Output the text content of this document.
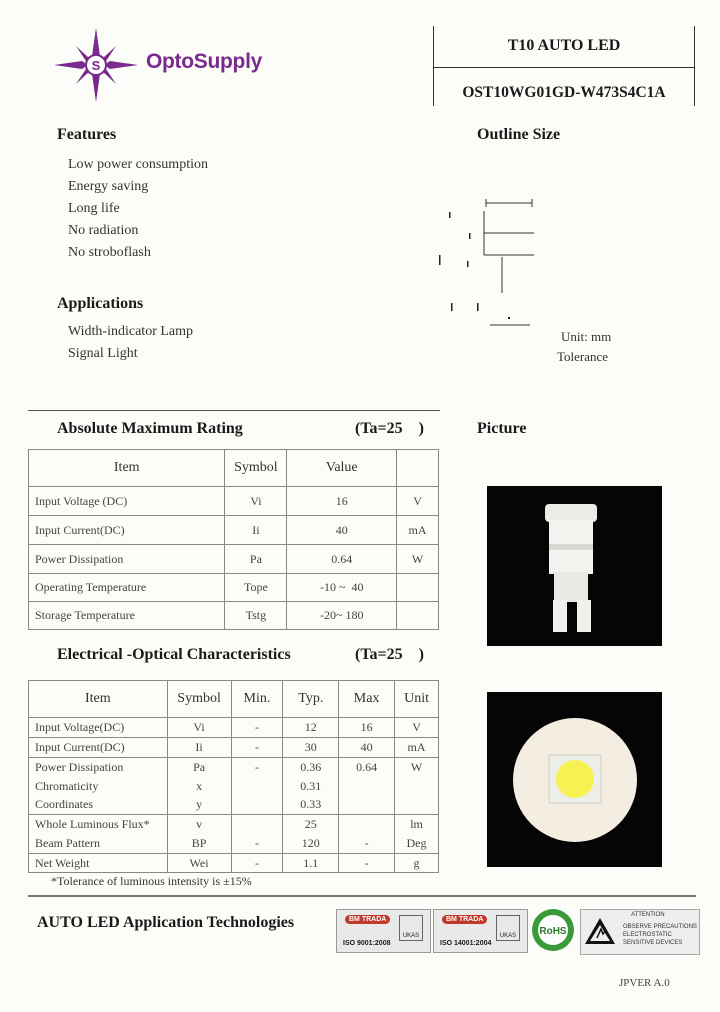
S OptoSupply
T10 AUTO LED
OST10WG01GD-W473S4C1A
Features
Low power consumption
Energy saving
Long life
No radiation
No stroboflash
Applications
Width-indicator Lamp
Signal Light
Outline Size
Unit: mm
Tolerance
Absolute Maximum Rating	(Ta=25    )
Item	Symbol	Value	
Input Voltage (DC)	Vi	16	V
Input Current(DC)	Ii	40	mA
Power Dissipation	Pa	0.64	W
Operating Temperature	Tope	-10 ~  40	
Storage Temperature	Tstg	-20~ 180	
Picture
Electrical -Optical Characteristics	(Ta=25    )
Item	Symbol	Min.	Typ.	Max	Unit
Input Voltage(DC)	Vi	-	12	16	V
Input Current(DC)	Ii	-	30	40	mA
Power Dissipation	Pa	-	0.36	0.64	W
Chromaticity	x		0.31		
Coordinates	y		0.33		
Whole Luminous Flux*	v		25		lm
Beam Pattern	BP	-	120	-	Deg
Net Weight	Wei	-	1.1	-	g
*Tolerance of luminous intensity is ±15%
AUTO LED Application Technologies	BM TRADA
UKAS
ISO 9001:2008
BM TRADA
UKAS
ISO 14001:2004
RoHS
ATTENTION
OBSERVE PRECAUTIONS
ELECTROSTATIC
SENSITIVE DEVICES
JPVER A.0
